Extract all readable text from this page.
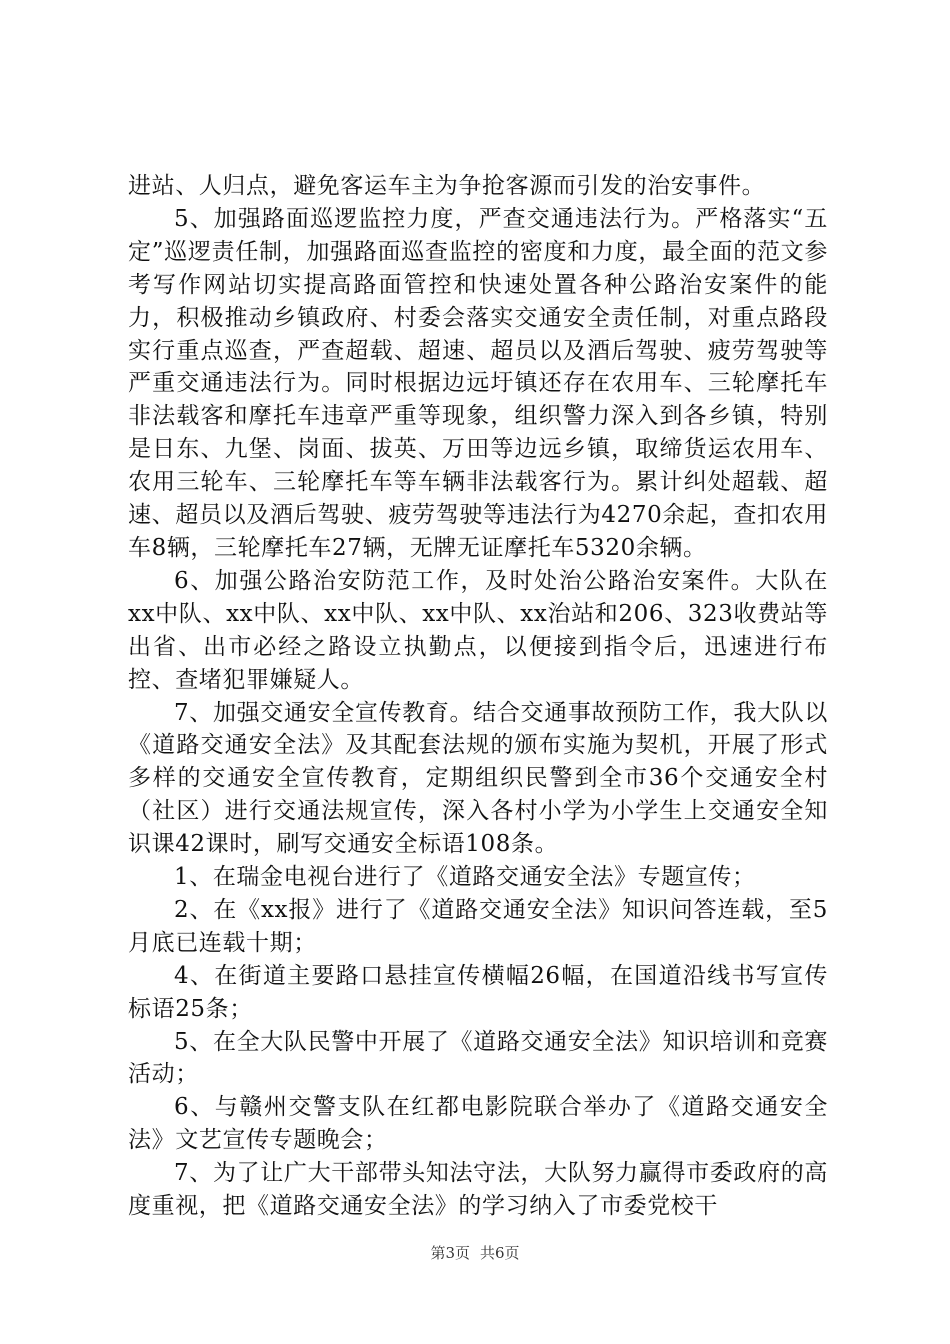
进站、人归点，避免客运车主为争抢客源而引发的治安事件。

5、加强路面巡逻监控力度，严查交通违法行为。严格落实“五定”巡逻责任制，加强路面巡查监控的密度和力度，最全面的范文参考写作网站切实提高路面管控和快速处置各种公路治安案件的能力，积极推动乡镇政府、村委会落实交通安全责任制，对重点路段实行重点巡查，严查超载、超速、超员以及酒后驾驶、疲劳驾驶等严重交通违法行为。同时根据边远圩镇还存在农用车、三轮摩托车非法载客和摩托车违章严重等现象，组织警力深入到各乡镇，特别是日东、九堡、岗面、拔英、万田等边远乡镇，取缔货运农用车、农用三轮车、三轮摩托车等车辆非法载客行为。累计纠处超载、超速、超员以及酒后驾驶、疲劳驾驶等违法行为4270余起，查扣农用车8辆，三轮摩托车27辆，无牌无证摩托车5320余辆。

6、加强公路治安防范工作，及时处治公路治安案件。大队在xx中队、xx中队、xx中队、xx中队、xx治站和206、323收费站等出省、出市必经之路设立执勤点，以便接到指令后，迅速进行布控、查堵犯罪嫌疑人。

7、加强交通安全宣传教育。结合交通事故预防工作，我大队以《道路交通安全法》及其配套法规的颁布实施为契机，开展了形式多样的交通安全宣传教育，定期组织民警到全市36个交通安全村（社区）进行交通法规宣传，深入各村小学为小学生上交通安全知识课42课时，刷写交通安全标语108条。

1、在瑞金电视台进行了《道路交通安全法》专题宣传；

2、在《xx报》进行了《道路交通安全法》知识问答连载，至5月底已连载十期；

4、在街道主要路口悬挂宣传横幅26幅，在国道沿线书写宣传标语25条；

5、在全大队民警中开展了《道路交通安全法》知识培训和竞赛活动；

6、与赣州交警支队在红都电影院联合举办了《道路交通安全法》文艺宣传专题晚会；

7、为了让广大干部带头知法守法，大队努力赢得市委政府的高度重视，把《道路交通安全法》的学习纳入了市委党校干

第3页 共6页
